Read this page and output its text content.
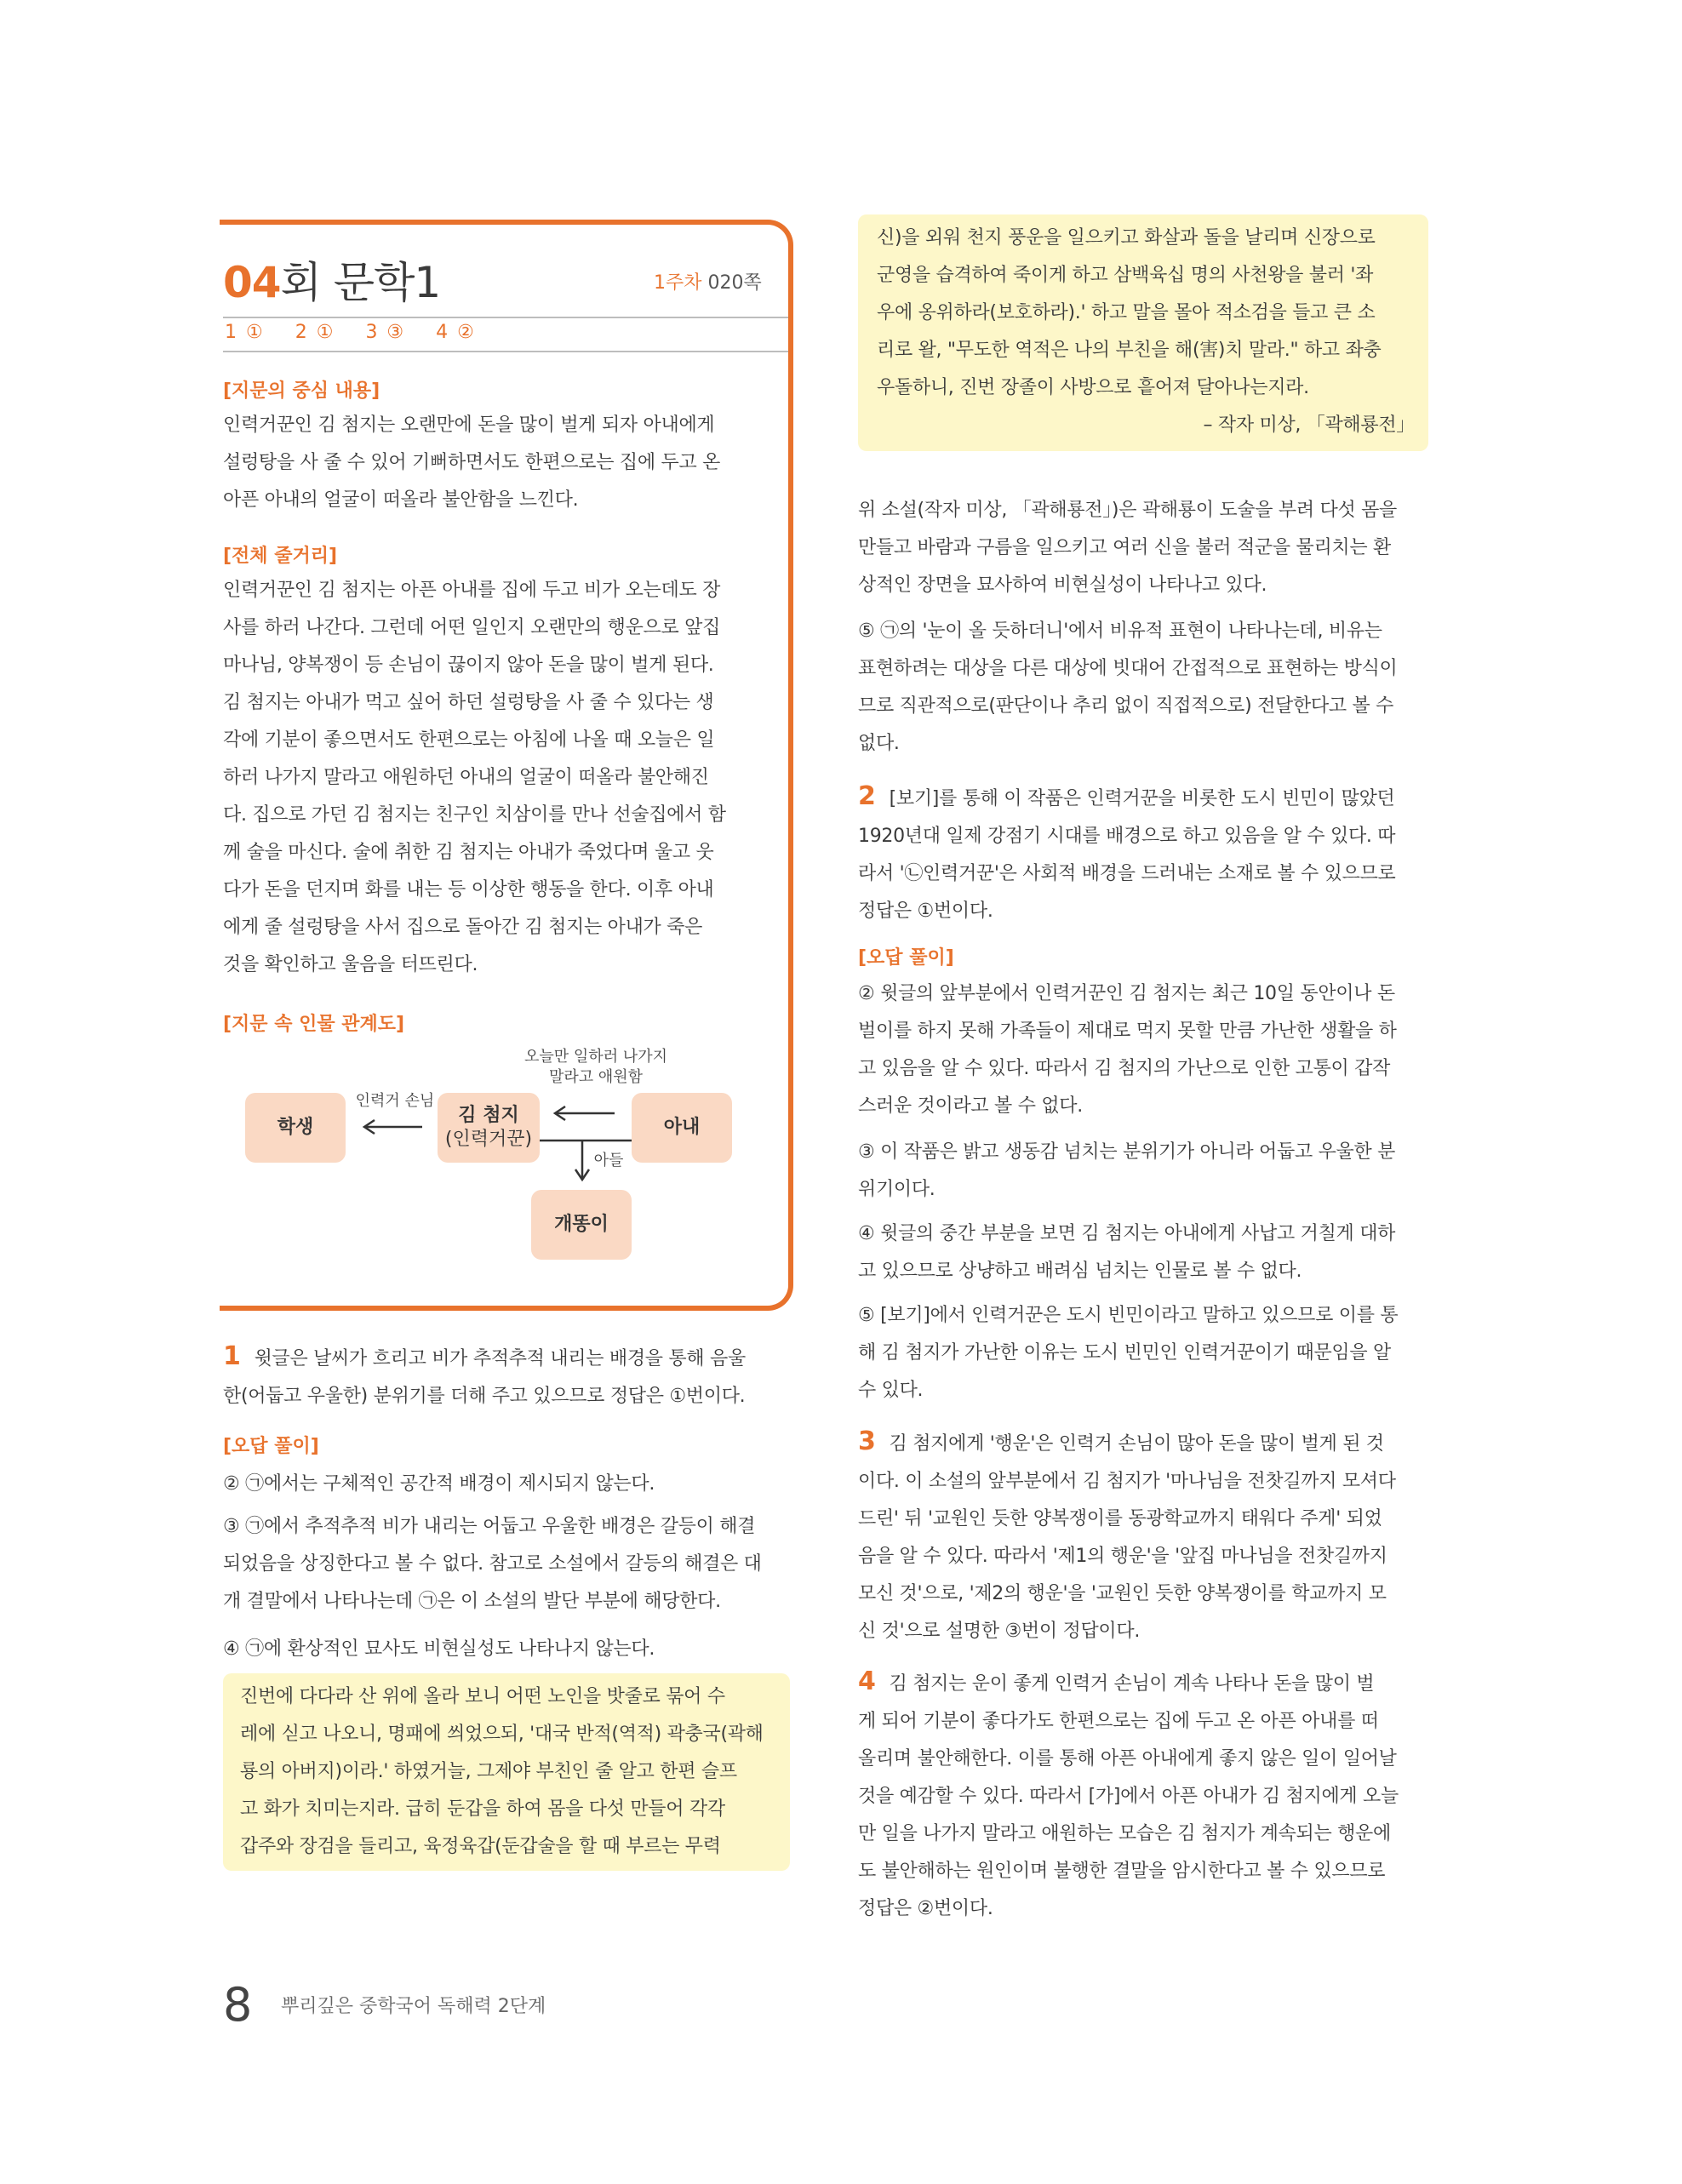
04회 문학1	1주차 020쪽
1 ① 2 ① 3 ③ 4 ②
[지문의 중심 내용]

인력거꾼인 김 첨지는 오랜만에 돈을 많이 벌게 되자 아내에게

설렁탕을 사 줄 수 있어 기뻐하면서도 한편으로는 집에 두고 온

아픈 아내의 얼굴이 떠올라 불안함을 느낀다.

[전체 줄거리]

인력거꾼인 김 첨지는 아픈 아내를 집에 두고 비가 오는데도 장

사를 하러 나간다. 그런데 어떤 일인지 오랜만의 행운으로 앞집

마나님, 양복쟁이 등 손님이 끊이지 않아 돈을 많이 벌게 된다.

김 첨지는 아내가 먹고 싶어 하던 설렁탕을 사 줄 수 있다는 생

각에 기분이 좋으면서도 한편으로는 아침에 나올 때 오늘은 일

하러 나가지 말라고 애원하던 아내의 얼굴이 떠올라 불안해진

다. 집으로 가던 김 첨지는 친구인 치삼이를 만나 선술집에서 함

께 술을 마신다. 술에 취한 김 첨지는 아내가 죽었다며 울고 웃

다가 돈을 던지며 화를 내는 등 이상한 행동을 한다. 이후 아내

에게 줄 설렁탕을 사서 집으로 돌아간 김 첨지는 아내가 죽은

것을 확인하고 울음을 터뜨린다.

[지문 속 인물 관계도]
학생
김 첨지
(인력거꾼)
아내
개똥이
인력거 손님
오늘만 일하러 나가지
말라고 애원함
아들

1 윗글은 날씨가 흐리고 비가 추적추적 내리는 배경을 통해 음울

한(어둡고 우울한) 분위기를 더해 주고 있으므로 정답은 ①번이다.

[오답 풀이]
② ㉠에서는 구체적인 공간적 배경이 제시되지 않는다.

③ ㉠에서 추적추적 비가 내리는 어둡고 우울한 배경은 갈등이 해결

되었음을 상징한다고 볼 수 없다. 참고로 소설에서 갈등의 해결은 대

개 결말에서 나타나는데 ㉠은 이 소설의 발단 부분에 해당한다.

④ ㉠에 환상적인 묘사도 비현실성도 나타나지 않는다.

진번에 다다라 산 위에 올라 보니 어떤 노인을 밧줄로 묶어 수

레에 싣고 나오니, 명패에 씌었으되, '대국 반적(역적) 곽충국(곽해

룡의 아버지)이라.' 하였거늘, 그제야 부친인 줄 알고 한편 슬프

고 화가 치미는지라. 급히 둔갑을 하여 몸을 다섯 만들어 각각

갑주와 장검을 들리고, 육정육갑(둔갑술을 할 때 부르는 무력

신)을 외워 천지 풍운을 일으키고 화살과 돌을 날리며 신장으로

군영을 습격하여 죽이게 하고 삼백육십 명의 사천왕을 불러 '좌

우에 옹위하라(보호하라).' 하고 말을 몰아 적소검을 들고 큰 소

리로 왈, "무도한 역적은 나의 부친을 해(害)치 말라." 하고 좌충

우돌하니, 진번 장졸이 사방으로 흩어져 달아나는지라.

– 작자 미상, 「곽해룡전」

위 소설(작자 미상, 「곽해룡전」)은 곽해룡이 도술을 부려 다섯 몸을

만들고 바람과 구름을 일으키고 여러 신을 불러 적군을 물리치는 환

상적인 장면을 묘사하여 비현실성이 나타나고 있다.

⑤ ㉠의 '눈이 올 듯하더니'에서 비유적 표현이 나타나는데, 비유는

표현하려는 대상을 다른 대상에 빗대어 간접적으로 표현하는 방식이

므로 직관적으로(판단이나 추리 없이 직접적으로) 전달한다고 볼 수

없다.

2 [보기]를 통해 이 작품은 인력거꾼을 비롯한 도시 빈민이 많았던

1920년대 일제 강점기 시대를 배경으로 하고 있음을 알 수 있다. 따

라서 '㉡인력거꾼'은 사회적 배경을 드러내는 소재로 볼 수 있으므로

정답은 ①번이다.

[오답 풀이]

② 윗글의 앞부분에서 인력거꾼인 김 첨지는 최근 10일 동안이나 돈

벌이를 하지 못해 가족들이 제대로 먹지 못할 만큼 가난한 생활을 하

고 있음을 알 수 있다. 따라서 김 첨지의 가난으로 인한 고통이 갑작

스러운 것이라고 볼 수 없다.

③ 이 작품은 밝고 생동감 넘치는 분위기가 아니라 어둡고 우울한 분

위기이다.

④ 윗글의 중간 부분을 보면 김 첨지는 아내에게 사납고 거칠게 대하

고 있으므로 상냥하고 배려심 넘치는 인물로 볼 수 없다.

⑤ [보기]에서 인력거꾼은 도시 빈민이라고 말하고 있으므로 이를 통

해 김 첨지가 가난한 이유는 도시 빈민인 인력거꾼이기 때문임을 알

수 있다.

3 김 첨지에게 '행운'은 인력거 손님이 많아 돈을 많이 벌게 된 것

이다. 이 소설의 앞부분에서 김 첨지가 '마나님을 전찻길까지 모셔다

드린' 뒤 '교원인 듯한 양복쟁이를 동광학교까지 태워다 주게' 되었

음을 알 수 있다. 따라서 '제1의 행운'을 '앞집 마나님을 전찻길까지

모신 것'으로, '제2의 행운'을 '교원인 듯한 양복쟁이를 학교까지 모

신 것'으로 설명한 ③번이 정답이다.

4 김 첨지는 운이 좋게 인력거 손님이 계속 나타나 돈을 많이 벌

게 되어 기분이 좋다가도 한편으로는 집에 두고 온 아픈 아내를 떠

올리며 불안해한다. 이를 통해 아픈 아내에게 좋지 않은 일이 일어날

것을 예감할 수 있다. 따라서 [가]에서 아픈 아내가 김 첨지에게 오늘

만 일을 나가지 말라고 애원하는 모습은 김 첨지가 계속되는 행운에

도 불안해하는 원인이며 불행한 결말을 암시한다고 볼 수 있으므로

정답은 ②번이다.

8 뿌리깊은 중학국어 독해력 2단계
